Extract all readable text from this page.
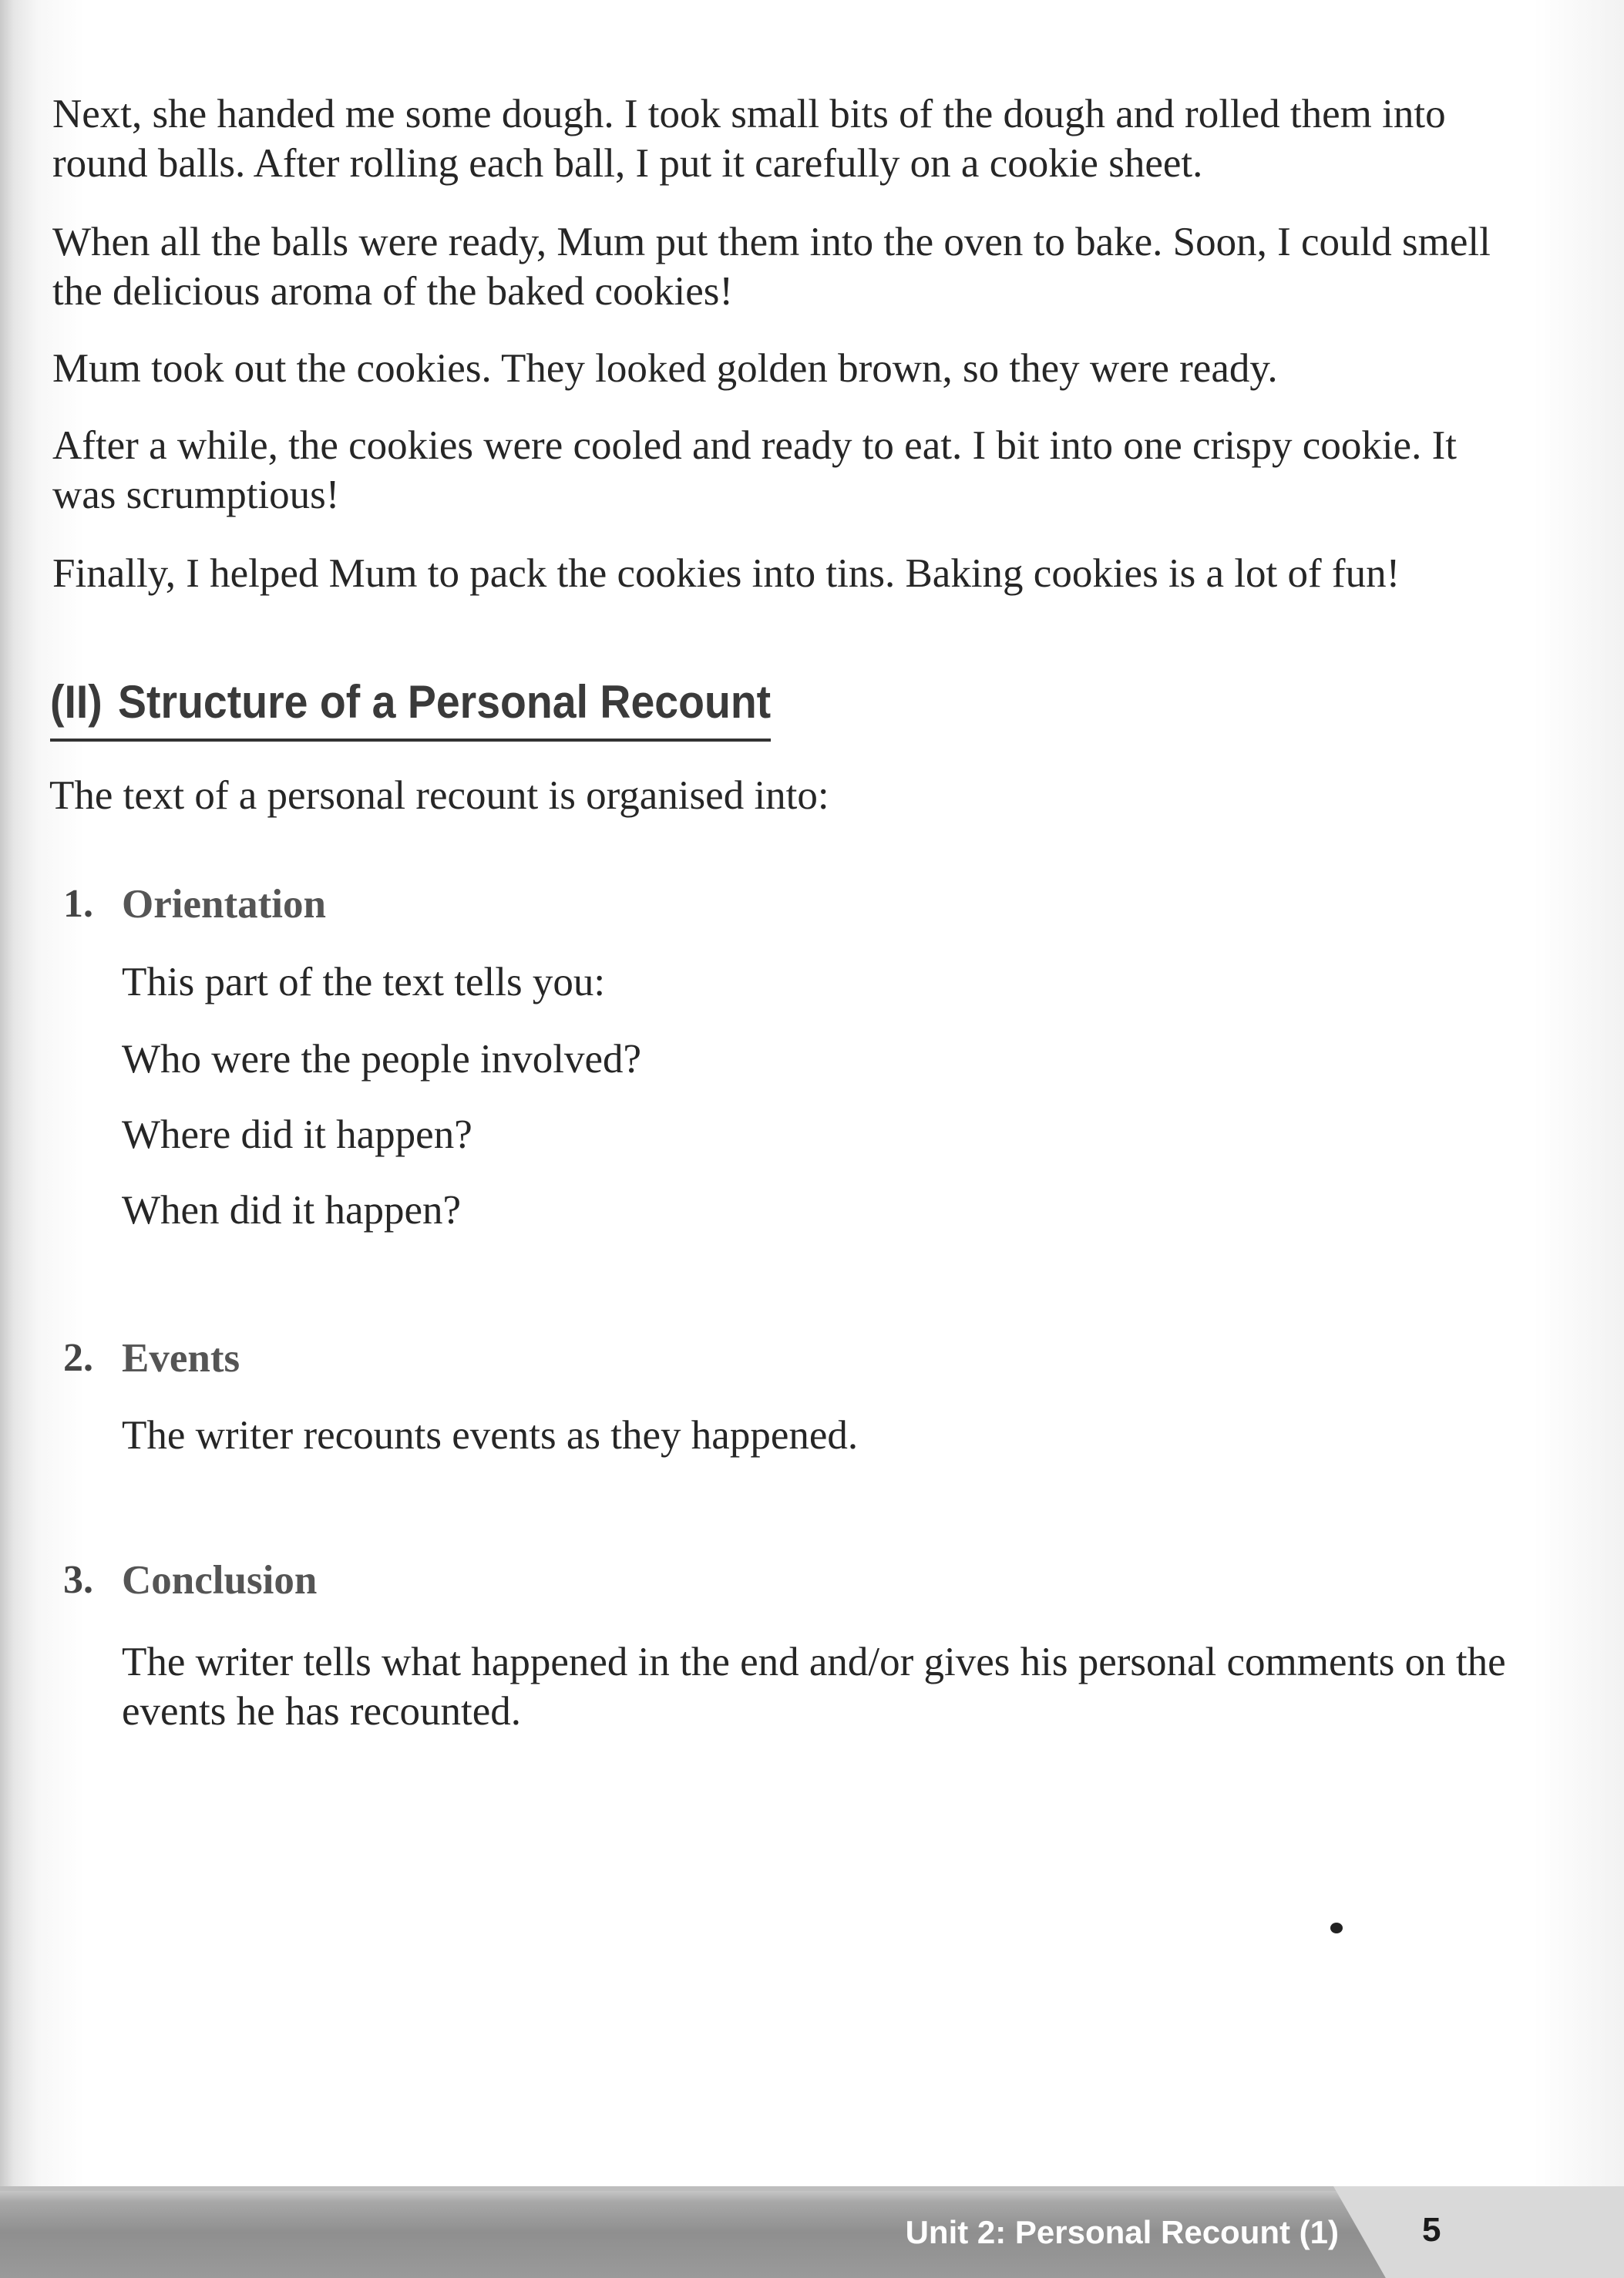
Next, she handed me some dough. I took small bits of the dough and rolled them into round balls. After rolling each ball, I put it carefully on a cookie sheet.

When all the balls were ready, Mum put them into the oven to bake. Soon, I could smell the delicious aroma of the baked cookies!

Mum took out the cookies. They looked golden brown, so they were ready.

After a while, the cookies were cooled and ready to eat. I bit into one crispy cookie. It was scrumptious!

Finally, I helped Mum to pack the cookies into tins. Baking cookies is a lot of fun!

(II) Structure of a Personal Recount

The text of a personal recount is organised into:

1. Orientation

This part of the text tells you:

Who were the people involved?

Where did it happen?

When did it happen?

2. Events

The writer recounts events as they happened.

3. Conclusion

The writer tells what happened in the end and/or gives his personal comments on the events he has recounted.

Unit 2: Personal Recount (1) 5
